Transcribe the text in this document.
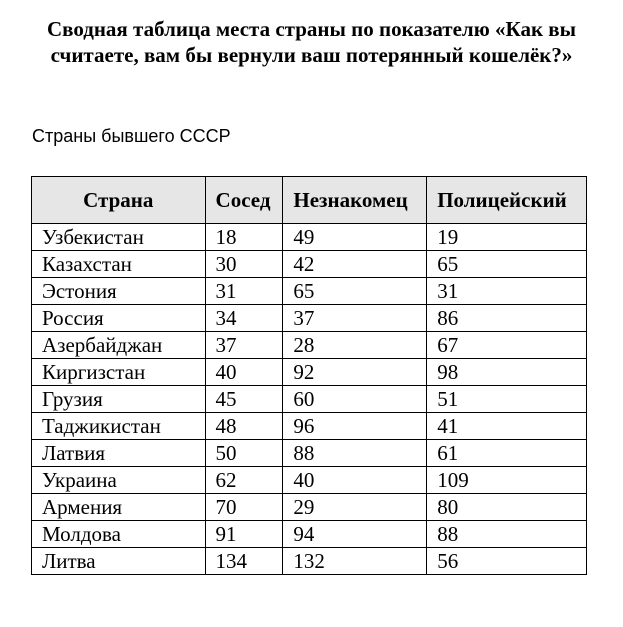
Сводная таблица места страны по показателю «Как вы считаете, вам бы вернули ваш потерянный кошелёк?»

Страны бывшего СССР

Страна	Сосед	Незнакомец	Полицейский
Узбекистан	18	49	19
Казахстан	30	42	65
Эстония	31	65	31
Россия	34	37	86
Азербайджан	37	28	67
Киргизстан	40	92	98
Грузия	45	60	51
Таджикистан	48	96	41
Латвия	50	88	61
Украина	62	40	109
Армения	70	29	80
Молдова	91	94	88
Литва	134	132	56
